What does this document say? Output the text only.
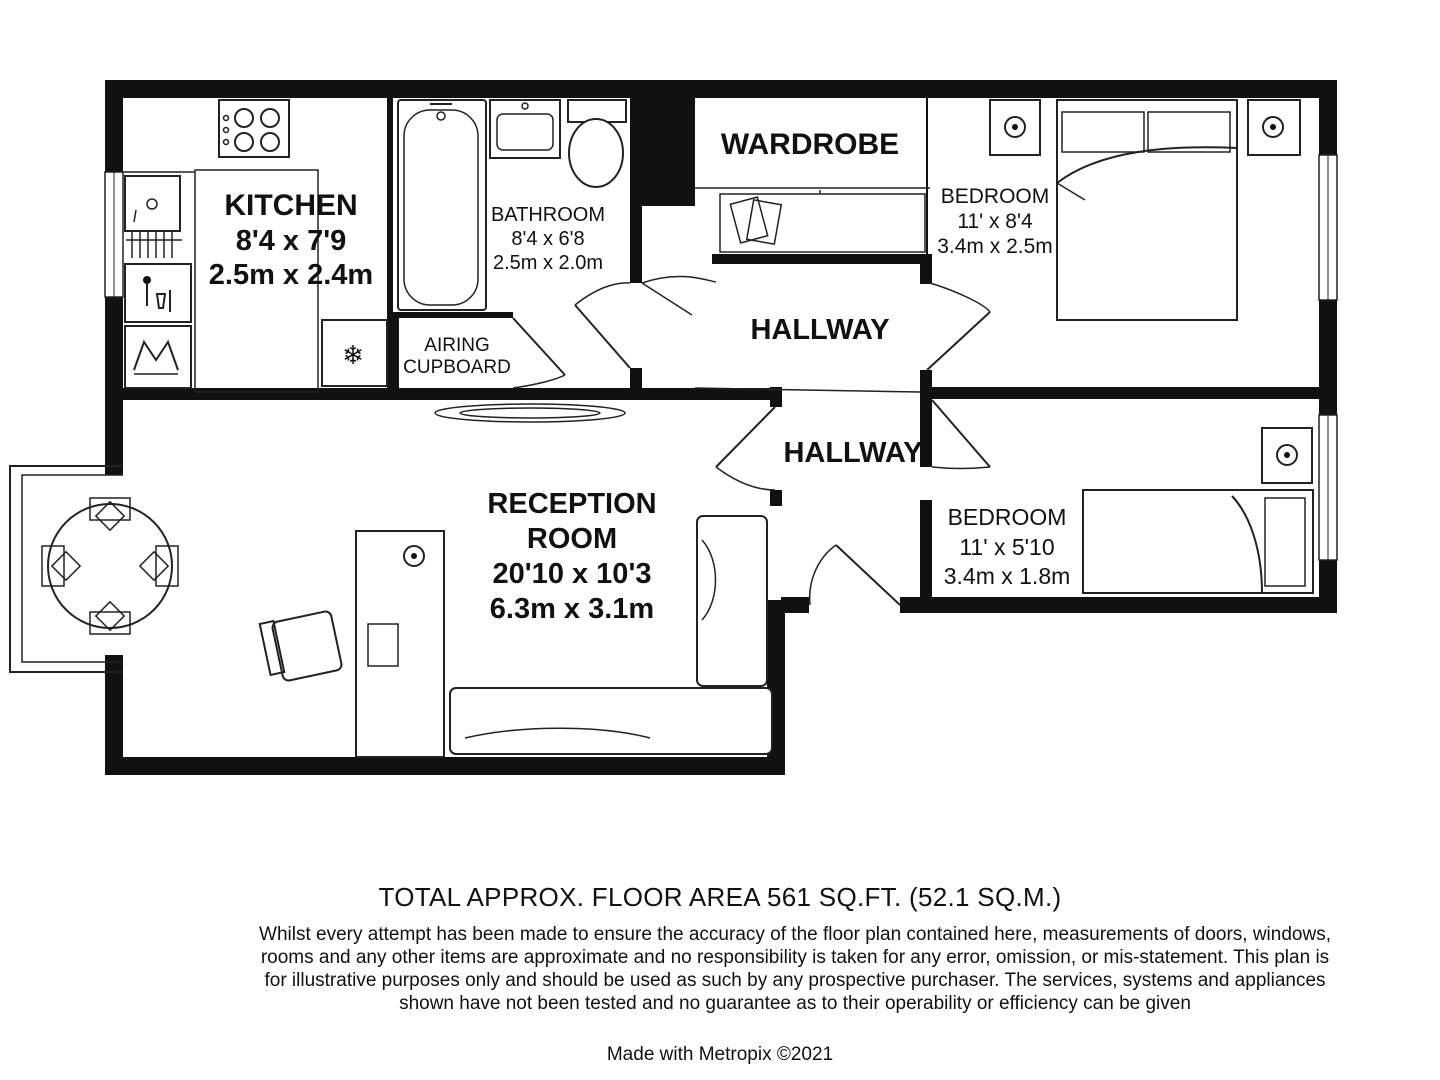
❄
KITCHEN
8'4 x 7'9
2.5m x 2.4m
BATHROOM
8'4 x 6'8
2.5m x 2.0m
WARDROBE
BEDROOM
11' x 8'4
3.4m x 2.5m
AIRING
CUPBOARD
HALLWAY
HALLWAY
RECEPTION
ROOM
20'10 x 10'3
6.3m x 3.1m
BEDROOM
11' x 5'10
3.4m x 1.8m
TOTAL APPROX. FLOOR AREA 561 SQ.FT. (52.1 SQ.M.)
Whilst every attempt has been made to ensure the accuracy of the floor plan contained here, measurements of doors, windows, rooms and any other items are approximate and no responsibility is taken for any error, omission, or mis-statement. This plan is for illustrative purposes only and should be used as such by any prospective purchaser. The services, systems and appliances shown have not been tested and no guarantee as to their operability or efficiency can be given
Made with Metropix ©2021
